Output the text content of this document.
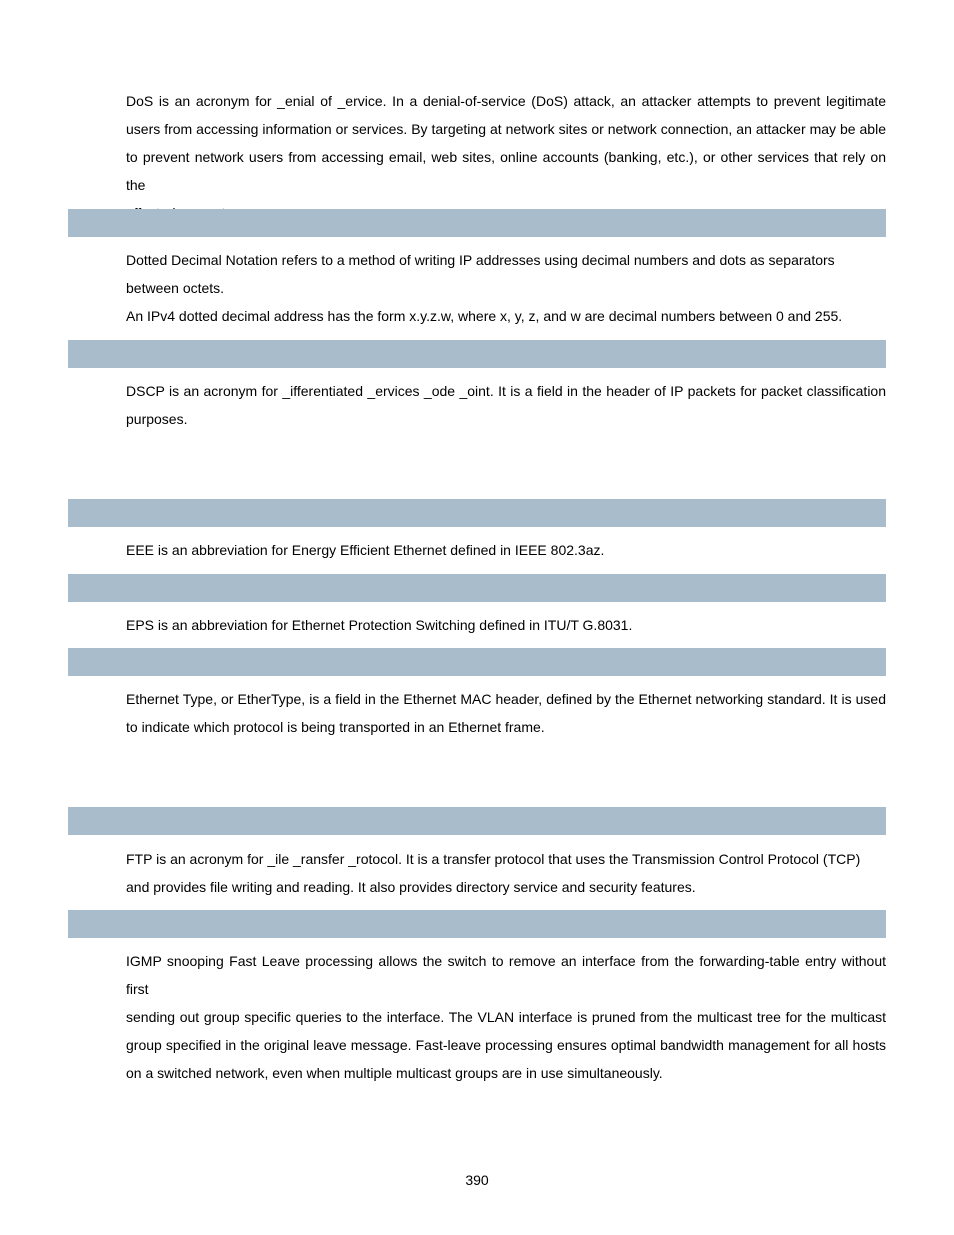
DoS is an acronym for _enial of _ervice. In a denial-of-service (DoS) attack, an attacker attempts to prevent legitimate
users from accessing information or services. By targeting at network sites or network connection, an attacker may be able
to prevent network users from accessing email, web sites, online accounts (banking, etc.), or other services that rely on the
Dotted Decimal Notation refers to a method of writing IP addresses using decimal numbers and dots as separators
between octets.
An IPv4 dotted decimal address has the form x.y.z.w, where x, y, z, and w are decimal numbers between 0 and 255.
DSCP is an acronym for _ifferentiated _ervices _ode _oint. It is a field in the header of IP packets for packet classification
purposes.
EEE is an abbreviation for Energy Efficient Ethernet defined in IEEE 802.3az.
EPS is an abbreviation for Ethernet Protection Switching defined in ITU/T G.8031.
Ethernet Type, or EtherType, is a field in the Ethernet MAC header, defined by the Ethernet networking standard. It is used
to indicate which protocol is being transported in an Ethernet frame.
FTP is an acronym for _ile _ransfer _rotocol. It is a transfer protocol that uses the Transmission Control Protocol (TCP)
and provides file writing and reading. It also provides directory service and security features.
IGMP snooping Fast Leave processing allows the switch to remove an interface from the forwarding-table entry without first
sending out group specific queries to the interface. The VLAN interface is pruned from the multicast tree for the multicast
group specified in the original leave message. Fast-leave processing ensures optimal bandwidth management for all hosts
on a switched network, even when multiple multicast groups are in use simultaneously.
390
